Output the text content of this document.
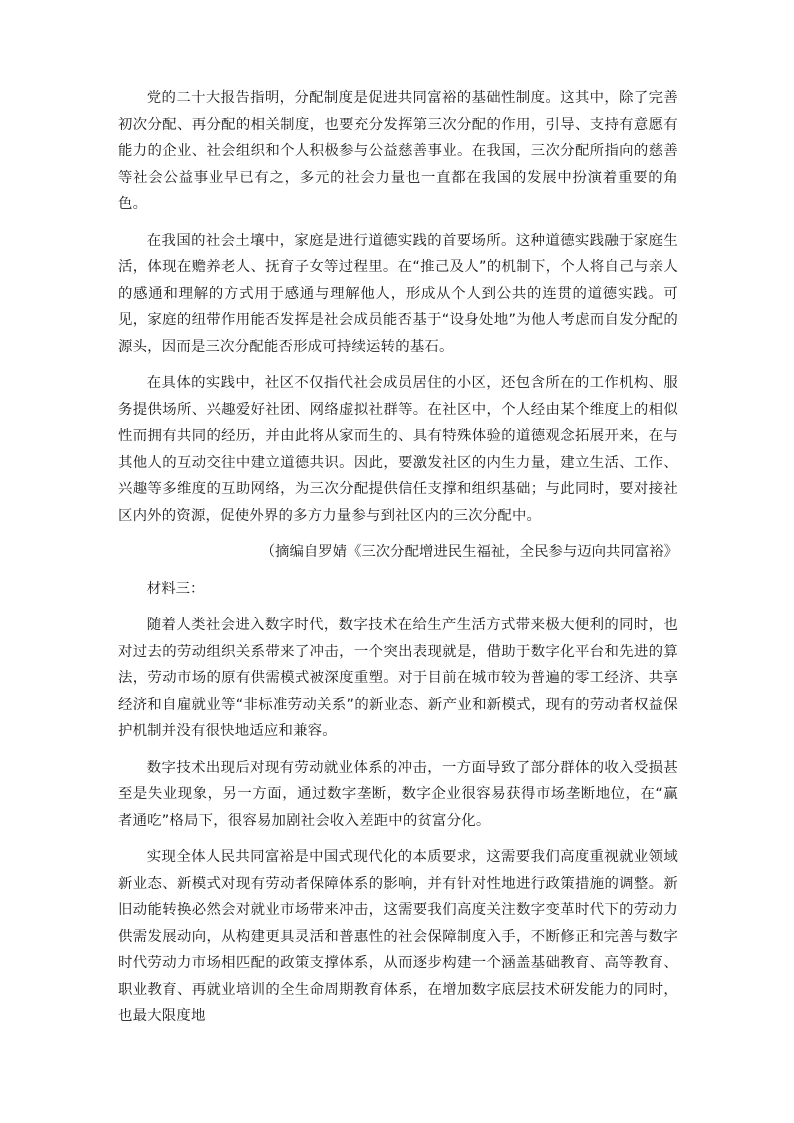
党的二十大报告指明，分配制度是促进共同富裕的基础性制度。这其中，除了完善初次分配、再分配的相关制度，也要充分发挥第三次分配的作用，引导、支持有意愿有能力的企业、社会组织和个人积极参与公益慈善事业。在我国，三次分配所指向的慈善等社会公益事业早已有之，多元的社会力量也一直都在我国的发展中扮演着重要的角色。

在我国的社会土壤中，家庭是进行道德实践的首要场所。这种道德实践融于家庭生活，体现在赡养老人、抚育子女等过程里。在“推己及人”的机制下，个人将自己与亲人的感通和理解的方式用于感通与理解他人，形成从个人到公共的连贯的道德实践。可见，家庭的纽带作用能否发挥是社会成员能否基于“设身处地”为他人考虑而自发分配的源头，因而是三次分配能否形成可持续运转的基石。

在具体的实践中，社区不仅指代社会成员居住的小区，还包含所在的工作机构、服务提供场所、兴趣爱好社团、网络虚拟社群等。在社区中，个人经由某个维度上的相似性而拥有共同的经历，并由此将从家而生的、具有特殊体验的道德观念拓展开来，在与其他人的互动交往中建立道德共识。因此，要激发社区的内生力量，建立生活、工作、兴趣等多维度的互助网络，为三次分配提供信任支撑和组织基础；与此同时，要对接社区内外的资源，促使外界的多方力量参与到社区内的三次分配中。

（摘编自罗婧《三次分配增进民生福祉，全民参与迈向共同富裕》

材料三：

随着人类社会进入数字时代，数字技术在给生产生活方式带来极大便利的同时，也对过去的劳动组织关系带来了冲击，一个突出表现就是，借助于数字化平台和先进的算法，劳动市场的原有供需模式被深度重塑。对于目前在城市较为普遍的零工经济、共享经济和自雇就业等“非标准劳动关系”的新业态、新产业和新模式，现有的劳动者权益保护机制并没有很快地适应和兼容。

数字技术出现后对现有劳动就业体系的冲击，一方面导致了部分群体的收入受损甚至是失业现象，另一方面，通过数字垄断，数字企业很容易获得市场垄断地位，在“赢者通吃”格局下，很容易加剧社会收入差距中的贫富分化。

实现全体人民共同富裕是中国式现代化的本质要求，这需要我们高度重视就业领域新业态、新模式对现有劳动者保障体系的影响，并有针对性地进行政策措施的调整。新旧动能转换必然会对就业市场带来冲击，这需要我们高度关注数字变革时代下的劳动力供需发展动向，从构建更具灵活和普惠性的社会保障制度入手，不断修正和完善与数字时代劳动力市场相匹配的政策支撑体系，从而逐步构建一个涵盖基础教育、高等教育、职业教育、再就业培训的全生命周期教育体系，在增加数字底层技术研发能力的同时，也最大限度地
